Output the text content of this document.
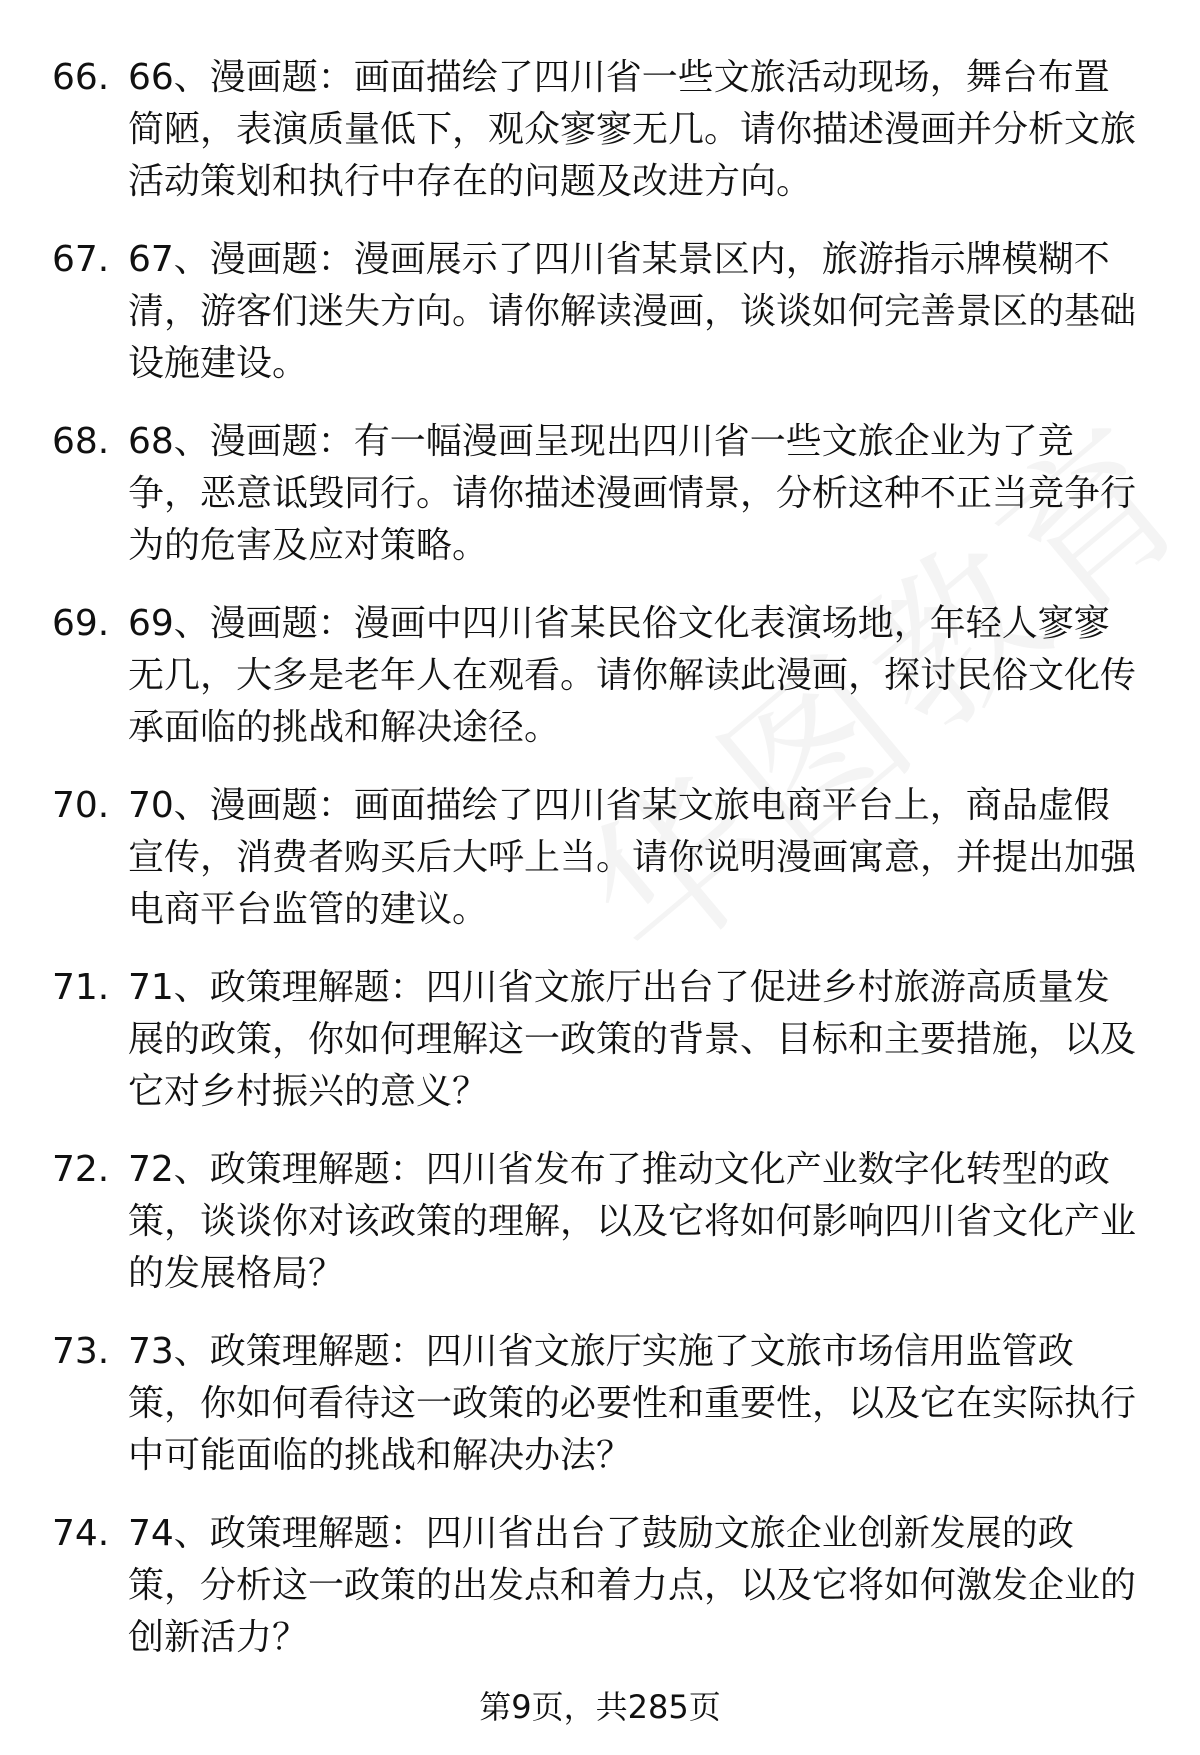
66. 66、漫画题：画面描绘了四川省一些文旅活动现场，舞台布置简陋，表演质量低下，观众寥寥无几。请你描述漫画并分析文旅活动策划和执行中存在的问题及改进方向。
67. 67、漫画题：漫画展示了四川省某景区内，旅游指示牌模糊不清，游客们迷失方向。请你解读漫画，谈谈如何完善景区的基础设施建设。
68. 68、漫画题：有一幅漫画呈现出四川省一些文旅企业为了竞争，恶意诋毁同行。请你描述漫画情景，分析这种不正当竞争行为的危害及应对策略。
69. 69、漫画题：漫画中四川省某民俗文化表演场地，年轻人寥寥无几，大多是老年人在观看。请你解读此漫画，探讨民俗文化传承面临的挑战和解决途径。
70. 70、漫画题：画面描绘了四川省某文旅电商平台上，商品虚假宣传，消费者购买后大呼上当。请你说明漫画寓意，并提出加强电商平台监管的建议。
71. 71、政策理解题：四川省文旅厅出台了促进乡村旅游高质量发展的政策，你如何理解这一政策的背景、目标和主要措施，以及它对乡村振兴的意义？
72. 72、政策理解题：四川省发布了推动文化产业数字化转型的政策，谈谈你对该政策的理解，以及它将如何影响四川省文化产业的发展格局？
73. 73、政策理解题：四川省文旅厅实施了文旅市场信用监管政策，你如何看待这一政策的必要性和重要性，以及它在实际执行中可能面临的挑战和解决办法？
74. 74、政策理解题：四川省出台了鼓励文旅企业创新发展的政策，分析这一政策的出发点和着力点，以及它将如何激发企业的创新活力？
第9页，共285页
